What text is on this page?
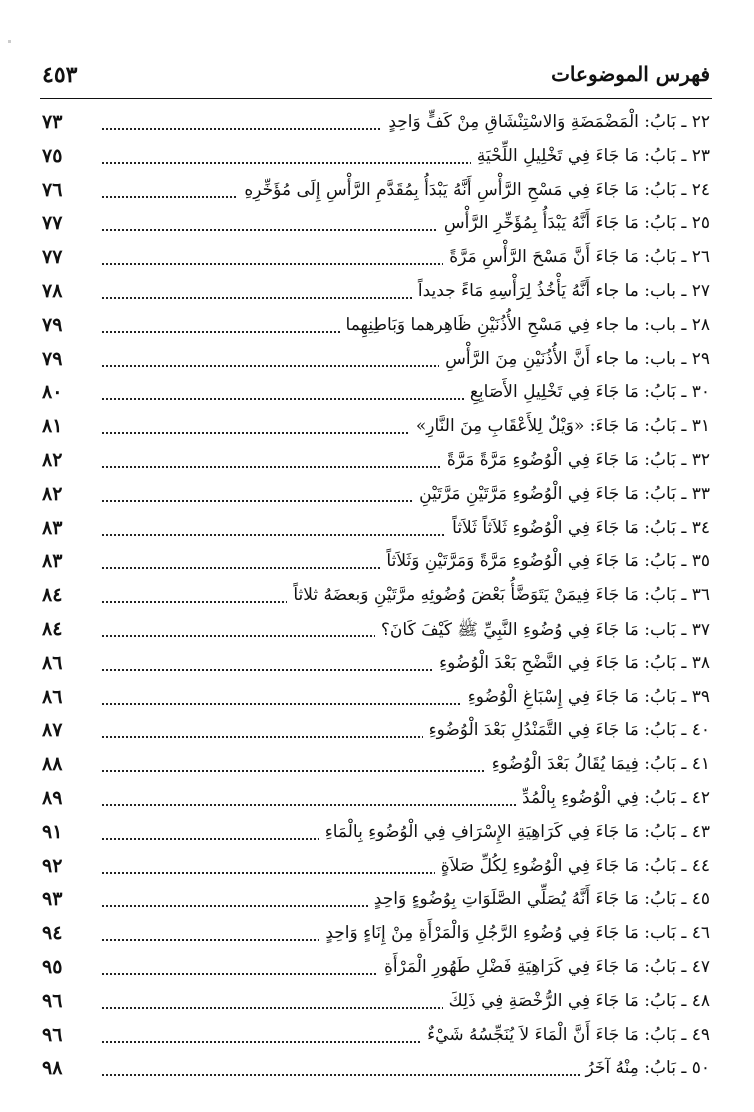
فهرس الموضوعات
٤٥٣
٢٢ ـ بَابُ: الْمَضْمَضَةِ وَالاسْتِنْشَاقِ مِنْ كَفٍّ وَاحِدٍ
٧٣
٢٣ ـ بَابُ: مَا جَاءَ فِي تَخْلِيلِ اللِّحْيَةِ
٧٥
٢٤ ـ بَابُ: مَا جَاءَ فِي مَسْحِ الرَّأْسِ أَنَّهُ يَبْدَأُ بِمُقَدَّمِ الرَّأْسِ إِلَى مُؤَخِّرِهِ
٧٦
٢٥ ـ بَابُ: مَا جَاءَ أَنَّهُ يَبْدَأُ بِمُؤَخِّرِ الرَّأْسِ
٧٧
٢٦ ـ بَابُ: مَا جَاءَ أَنَّ مَسْحَ الرَّأْسِ مَرَّةً
٧٧
٢٧ ـ باب: ما جاء أَنَّهُ يَأْخُذُ لِرَأْسِهِ مَاءً جديداً
٧٨
٢٨ ـ باب: ما جاء فِي مَسْحِ الأُذُنَيْنِ ظَاهِرهما وَبَاطِنِهِما
٧٩
٢٩ ـ باب: ما جاء أَنَّ الأُذُنَيْنِ مِنَ الرَّأْسِ
٧٩
٣٠ ـ بَابُ: مَا جَاءَ فِي تَخْلِيلِ الأَصَابِعِ
٨٠
٣١ ـ بَابُ: مَا جَاءَ: «وَيْلٌ لِلأَعْقَابِ مِنَ النَّارِ»
٨١
٣٢ ـ بَابُ: مَا جَاءَ فِي الْوُضُوءِ مَرَّةً مَرَّةً
٨٢
٣٣ ـ بَابُ: مَا جَاءَ فِي الْوُضُوءِ مَرَّتَيْنِ مَرَّتَيْنِ
٨٢
٣٤ ـ بَابُ: مَا جَاءَ فِي الْوُضُوءِ ثَلاَثاً ثَلاَثاً
٨٣
٣٥ ـ بَابُ: مَا جَاءَ فِي الْوُضُوءِ مَرَّةً وَمَرَّتَيْنِ وَثَلاَثاً
٨٣
٣٦ ـ بَابُ: مَا جَاءَ فِيمَنْ يَتَوَضَّأُ بَعْضَ وُضُوئِهِ مرَّتَيْنِ وَبعضَهُ ثلاثاً
٨٤
٣٧ ـ بَاب: مَا جَاءَ فِي وُضُوءِ النَّبِيِّ ﷺ كَيْفَ كَانَ؟
٨٤
٣٨ ـ بَابُ: مَا جَاءَ فِي النَّضْحِ بَعْدَ الْوُضُوءِ
٨٦
٣٩ ـ بَابُ: مَا جَاءَ فِي إِسْبَاغِ الْوُضُوءِ
٨٦
٤٠ ـ بَابُ: مَا جَاءَ فِي التَّمَنْدُلِ بَعْدَ الْوُضُوءِ
٨٧
٤١ ـ بَابُ: فِيمَا يُقَالُ بَعْدَ الْوُضُوءِ
٨٨
٤٢ ـ بَابُ: فِي الْوُضُوءِ بِالْمُدِّ
٨٩
٤٣ ـ بَابُ: مَا جَاءَ فِي كَرَاهِيَةِ الإِسْرَافِ فِي الْوُضُوءِ بِالْمَاءِ
٩١
٤٤ ـ بَابُ: مَا جَاءَ فِي الْوُضُوءِ لِكُلِّ صَلاَةٍ
٩٢
٤٥ ـ بَابُ: مَا جَاءَ أَنَّهُ يُصَلِّي الصَّلَوَاتِ بِوُضُوءٍ وَاحِدٍ
٩٣
٤٦ ـ بَاب: مَا جَاءَ فِي وُضُوءِ الرَّجُلِ وَالْمَرْأَةِ مِنْ إِنَاءٍ وَاحِدٍ
٩٤
٤٧ ـ بَابُ: مَا جَاءَ فِي كَرَاهِيَةِ فَضْلِ طَهُورِ الْمَرْأَةِ
٩٥
٤٨ ـ بَابُ: مَا جَاءَ فِي الرُّخْصَةِ فِي ذَلِكَ
٩٦
٤٩ ـ بَابُ: مَا جَاءَ أَنَّ الْمَاءَ لاَ يُنَجِّسُهُ شَيْءٌ
٩٦
٥٠ ـ بَابُ: مِنْهُ آخَرُ
٩٨
